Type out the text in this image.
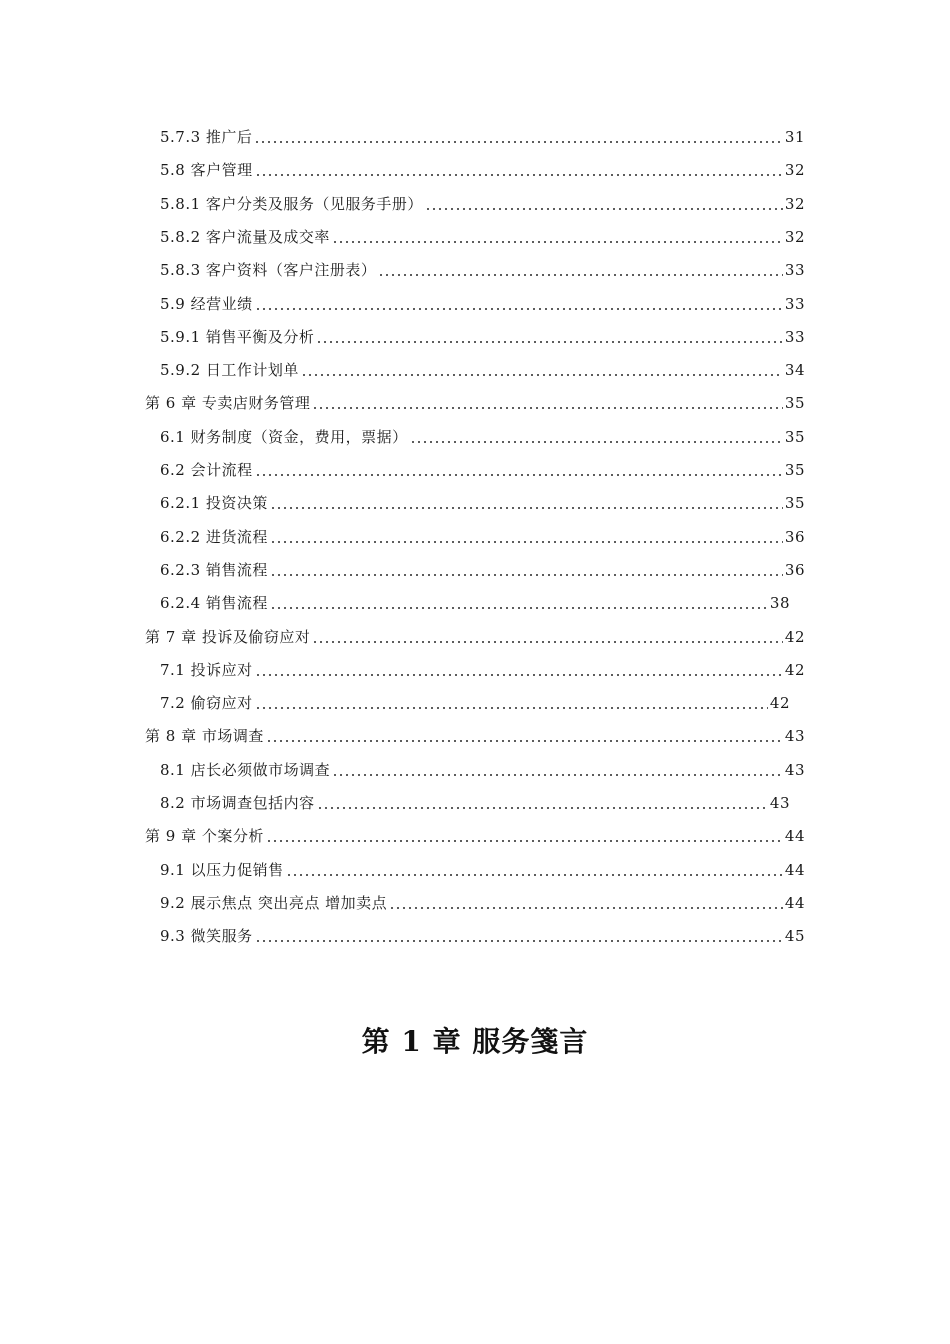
5.7.3 推广后	31
5.8 客户管理	32
5.8.1 客户分类及服务（见服务手册）	32
5.8.2 客户流量及成交率	32
5.8.3 客户资料（客户注册表）	33
5.9 经营业绩	33
5.9.1 销售平衡及分析	33
5.9.2 日工作计划单	34
第 6 章 专卖店财务管理	35
6.1 财务制度（资金，费用，票据）	35
6.2 会计流程	35
6.2.1 投资决策	35
6.2.2 进货流程	36
6.2.3 销售流程	36
6.2.4 销售流程	38
第 7 章 投诉及偷窃应对	42
7.1 投诉应对	42
7.2 偷窃应对	42
第 8 章 市场调查	43
8.1 店长必须做市场调查	43
8.2 市场调查包括内容	43
第 9 章 个案分析	44
9.1 以压力促销售	44
9.2 展示焦点 突出亮点 增加卖点	44
9.3 微笑服务	45
第 1 章 服务箋言
